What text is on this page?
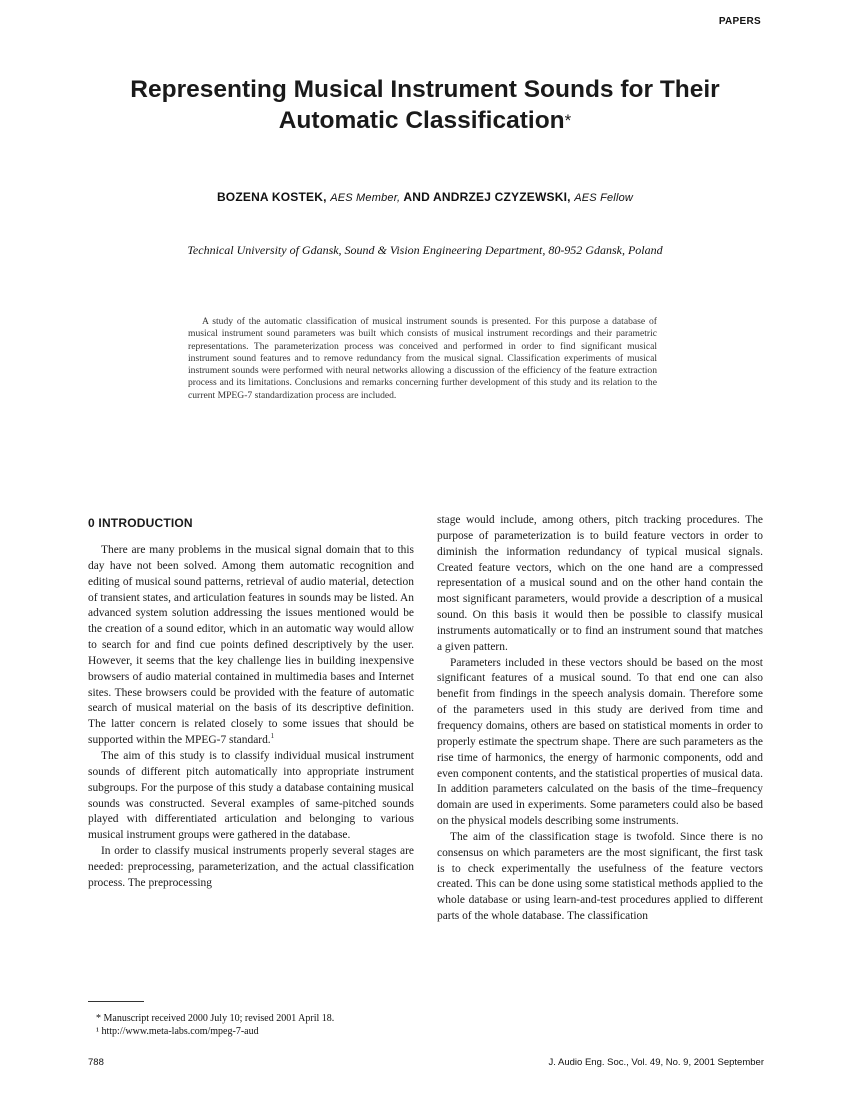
PAPERS
Representing Musical Instrument Sounds for Their
Automatic Classification*
BOZENA KOSTEK, AES Member, AND ANDRZEJ CZYZEWSKI, AES Fellow
Technical University of Gdansk, Sound & Vision Engineering Department, 80-952 Gdansk, Poland

A study of the automatic classification of musical instrument sounds is presented. For this purpose a database of musical instrument sound parameters was built which consists of musical instrument recordings and their parametric representations. The parameterization process was conceived and performed in order to find significant musical instrument sound features and to remove redundancy from the musical signal. Classification experiments of musical instrument sounds were performed with neural networks allowing a discussion of the efficiency of the feature extraction process and its limitations. Conclusions and remarks concerning further development of this study and its relation to the current MPEG-7 standardization process are included.

0 INTRODUCTION

There are many problems in the musical signal domain that to this day have not been solved. Among them automatic recognition and editing of musical sound patterns, retrieval of audio material, detection of transient states, and articulation features in sounds may be listed. An advanced system solution addressing the issues mentioned would be the creation of a sound editor, which in an automatic way would allow to search for and find cue points defined descriptively by the user. However, it seems that the key challenge lies in building inexpensive browsers of audio material contained in multimedia bases and Internet sites. These browsers could be provided with the feature of automatic search of musical material on the basis of its descriptive definition. The latter concern is related closely to some issues that should be supported within the MPEG-7 standard.$^1$

The aim of this study is to classify individual musical instrument sounds of different pitch automatically into appropriate instrument subgroups. For the purpose of this study a database containing musical sounds was constructed. Several examples of same-pitched sounds played with differentiated articulation and belonging to various musical instrument groups were gathered in the database.

In order to classify musical instruments properly several stages are needed: preprocessing, parameterization, and the actual classification process. The preprocessing

stage would include, among others, pitch tracking procedures. The purpose of parameterization is to build feature vectors in order to diminish the information redundancy of typical musical signals. Created feature vectors, which on the one hand are a compressed representation of a musical sound and on the other hand contain the most significant parameters, would provide a description of a musical sound. On this basis it would then be possible to classify musical instruments automatically or to find an instrument sound that matches a given pattern.

Parameters included in these vectors should be based on the most significant features of a musical sound. To that end one can also benefit from findings in the speech analysis domain. Therefore some of the parameters used in this study are derived from time and frequency domains, others are based on statistical moments in order to properly estimate the spectrum shape. There are such parameters as the rise time of harmonics, the energy of harmonic components, odd and even component contents, and the statistical properties of musical data. In addition parameters calculated on the basis of the time–frequency domain are used in experiments. Some parameters could also be based on the physical models describing some instruments.

The aim of the classification stage is twofold. Since there is no consensus on which parameters are the most significant, the first task is to check experimentally the usefulness of the feature vectors created. This can be done using some statistical methods applied to the whole database or using learn-and-test procedures applied to different parts of the whole database. The classification

* Manuscript received 2000 July 10; revised 2001 April 18.
¹ http://www.meta-labs.com/mpeg-7-aud
788	J. Audio Eng. Soc., Vol. 49, No. 9, 2001 September
